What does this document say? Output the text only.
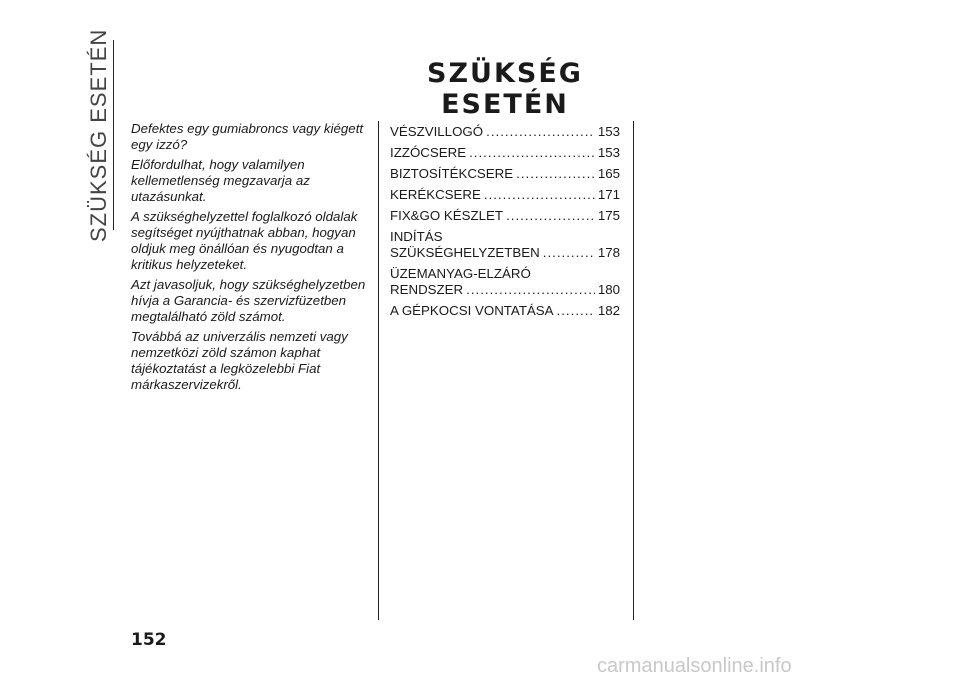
SZÜKSÉG ESETÉN	SZÜKSÉG ESETÉN

Defektes egy gumiabroncs vagy kiégett egy izzó?

Előfordulhat, hogy valamilyen kellemetlenség megzavarja az utazásunkat.

A szükséghelyzettel foglalkozó oldalak segítséget nyújthatnak abban, hogyan oldjuk meg önállóan és nyugodtan a kritikus helyzeteket.

Azt javasoljuk, hogy szükséghelyzetben hívja a Garancia- és szervizfüzetben megtalálható zöld számot.

Továbbá az univerzális nemzeti vagy nemzetközi zöld számon kaphat tájékoztatást a legközelebbi Fiat márkaszervizekről.

VÉSZVILLOGÓ .....	153
IZZÓCSERE .....	153
BIZTOSÍTÉKCSERE .....	165
KERÉKCSERE .....	171
FIX&GO KÉSZLET .....	175
INDÍTÁS
SZÜKSÉGHELYZETBEN .....	178
ÜZEMANYAG-ELZÁRÓ
RENDSZER .....	180
A GÉPKOCSI VONTATÁSA .....	182
152
carmanualsonline.info
